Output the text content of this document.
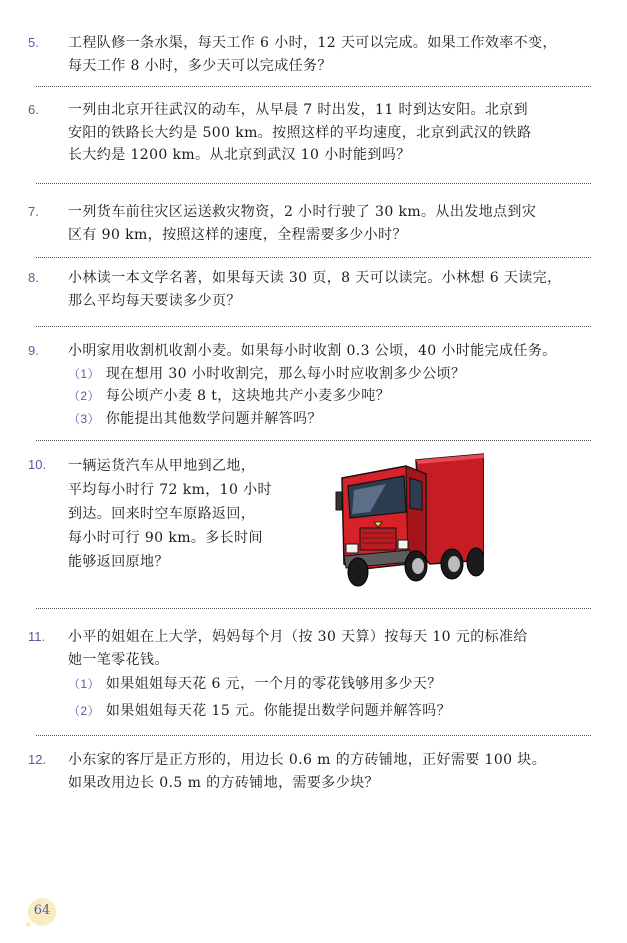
5.	工程队修一条水渠，每天工作 6 小时，12 天可以完成。如果工作效率不变，
每天工作 8 小时，多少天可以完成任务？
6.	一列由北京开往武汉的动车，从早晨 7 时出发，11 时到达安阳。北京到
安阳的铁路长大约是 500 km。按照这样的平均速度，北京到武汉的铁路
长大约是 1200 km。从北京到武汉 10 小时能到吗？
7.	一列货车前往灾区运送救灾物资，2 小时行驶了 30 km。从出发地点到灾
区有 90 km，按照这样的速度，全程需要多少小时？
8.	小林读一本文学名著，如果每天读 30 页，8 天可以读完。小林想 6 天读完，
那么平均每天要读多少页？
9.	小明家用收割机收割小麦。如果每小时收割 0.3 公顷，40 小时能完成任务。
（1） 现在想用 30 小时收割完，那么每小时应收割多少公顷？
（2） 每公顷产小麦 8 t，这块地共产小麦多少吨？
（3） 你能提出其他数学问题并解答吗？
10.	一辆运货汽车从甲地到乙地，
平均每小时行 72 km，10 小时
到达。回来时空车原路返回，
每小时可行 90 km。多长时间
能够返回原地？
11.	小平的姐姐在上大学，妈妈每个月（按 30 天算）按每天 10 元的标准给
她一笔零花钱。
（1） 如果姐姐每天花 6 元，一个月的零花钱够用多少天？
（2） 如果姐姐每天花 15 元。你能提出数学问题并解答吗？
12.	小东家的客厅是正方形的，用边长 0.6 m 的方砖铺地，正好需要 100 块。
如果改用边长 0.5 m 的方砖铺地，需要多少块？
64
